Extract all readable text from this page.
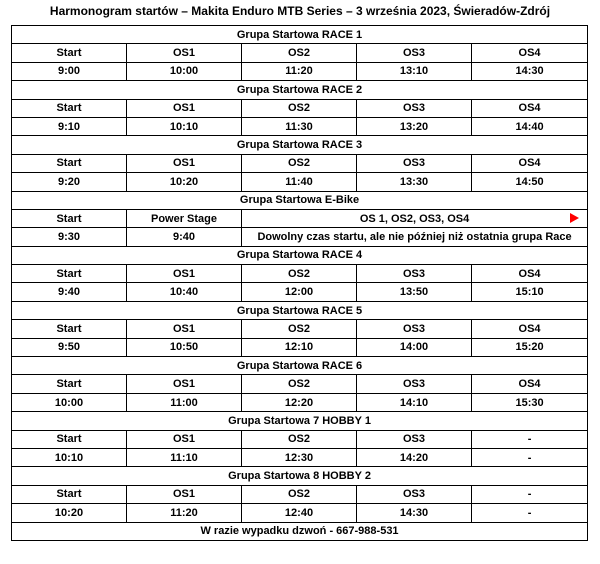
Harmonogram startów – Makita Enduro MTB Series – 3 września 2023, Świeradów-Zdrój
Grupa Startowa RACE 1				
Start	OS1	OS2	OS3	OS4
9:00	10:00	11:20	13:10	14:30
Grupa Startowa RACE 2				
Start	OS1	OS2	OS3	OS4
9:10	10:10	11:30	13:20	14:40
Grupa Startowa RACE 3				
Start	OS1	OS2	OS3	OS4
9:20	10:20	11:40	13:30	14:50
Grupa Startowa E-Bike				
Start	Power Stage	OS 1, OS2, OS3, OS4		

9:30	9:40	Dowolny czas startu, ale nie później niż ostatnia grupa Race		
Grupa Startowa RACE 4				
Start	OS1	OS2	OS3	OS4
9:40	10:40	12:00	13:50	15:10
Grupa Startowa RACE 5				
Start	OS1	OS2	OS3	OS4
9:50	10:50	12:10	14:00	15:20
Grupa Startowa RACE 6				
Start	OS1	OS2	OS3	OS4
10:00	11:00	12:20	14:10	15:30
Grupa Startowa 7 HOBBY 1				
Start	OS1	OS2	OS3	-
10:10	11:10	12:30	14:20	-
Grupa Startowa 8 HOBBY 2				
Start	OS1	OS2	OS3	-
10:20	11:20	12:40	14:30	-
W razie wypadku dzwoń - 667-988-531				
